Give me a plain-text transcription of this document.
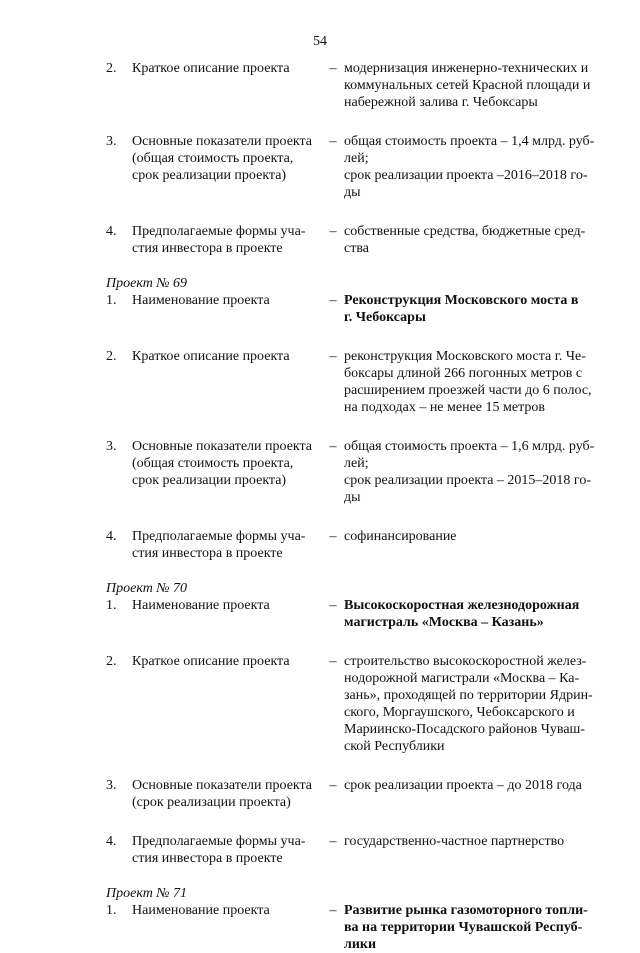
54
2.	Краткое описание проекта	– модернизация инженерно-технических и
коммунальных сетей Красной площади и
набережной залива г. Чебоксары
3.	Основные показатели проекта
(общая стоимость проекта,
срок реализации проекта)
– общая стоимость проекта – 1,4 млрд. руб-
лей;
срок реализации проекта –2016–2018 го-
ды
4.	Предполагаемые формы уча-
стия инвестора в проекте
– собственные средства, бюджетные сред-
ства
Проект № 69
1.	Наименование проекта	– Реконструкция Московского моста в
г. Чебоксары
2.	Краткое описание проекта	– реконструкция Московского моста г. Че-
боксары длиной 266 погонных метров с
расширением проезжей части до 6 полос,
на подходах – не менее 15 метров
3.	Основные показатели проекта
(общая стоимость проекта,
срок реализации проекта)
– общая стоимость проекта – 1,6 млрд. руб-
лей;
срок реализации проекта – 2015–2018 го-
ды
4.	Предполагаемые формы уча-
стия инвестора в проекте
– софинансирование
Проект № 70
1.	Наименование проекта	– Высокоскоростная железнодорожная
магистраль «Москва – Казань»
2.	Краткое описание проекта	– строительство высокоскоростной желез-
нодорожной магистрали «Москва – Ка-
зань», проходящей по территории Ядрин-
ского, Моргаушского, Чебоксарского и
Мариинско-Посадского районов Чуваш-
ской Республики
3.	Основные показатели проекта
(срок реализации проекта)
– срок реализации проекта – до 2018 года
4.	Предполагаемые формы уча-
стия инвестора в проекте
– государственно-частное партнерство
Проект № 71
1.	Наименование проекта	– Развитие рынка газомоторного топли-
ва на территории Чувашской Респуб-
лики
